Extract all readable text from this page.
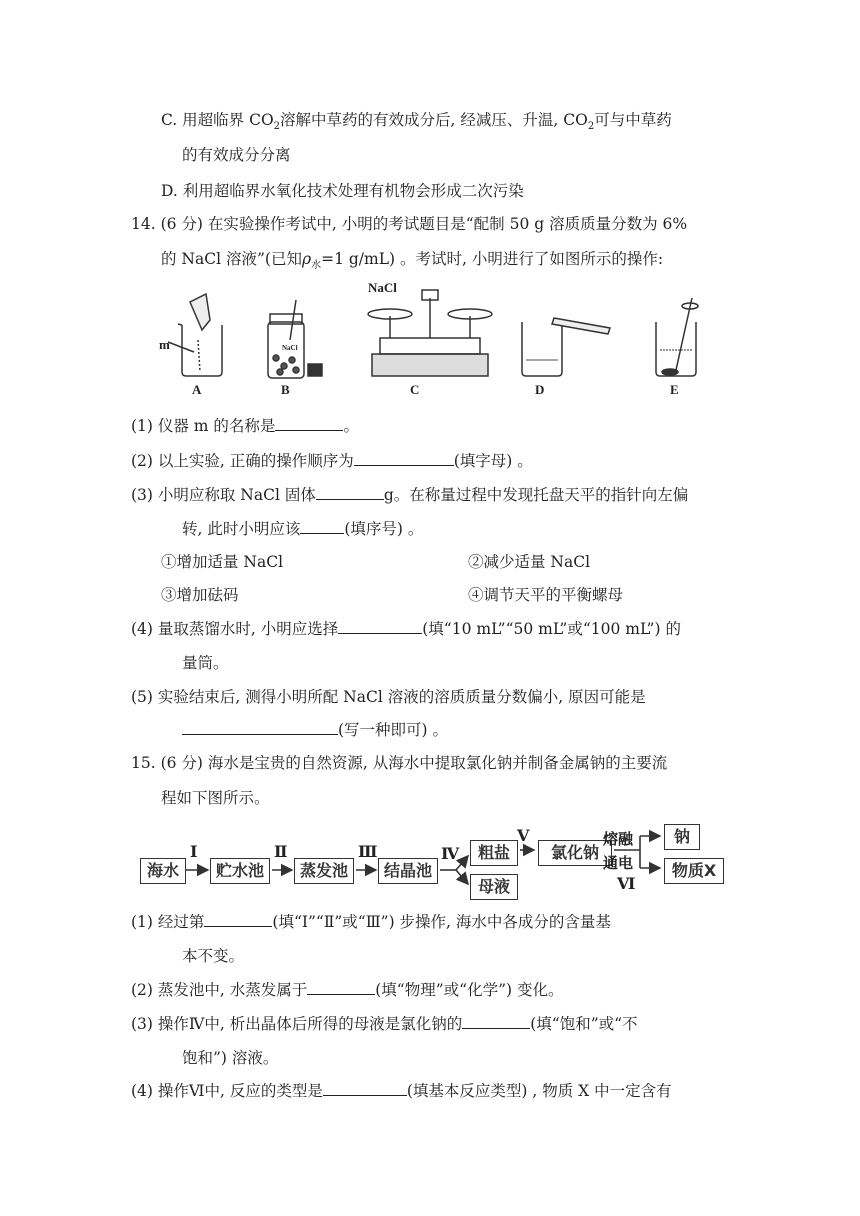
C. 用超临界 $CO_2$溶解中草药的有效成分后, 经减压、升温, $CO_2$可与中草药
的有效成分分离
D. 利用超临界水氧化技术处理有机物会形成二次污染
14. (6 分) 在实验操作考试中, 小明的考试题目是“配制 50 g 溶质质量分数为 6%
的 NaCl 溶液”(已知$\rho_水=1$ g/mL) 。考试时, 小明进行了如图所示的操作:
m
NaCl
NaCl
A	B	C	D	E
(1) 仪器 m 的名称是	。
(2) 以上实验, 正确的操作顺序为	(填字母) 。
(3) 小明应称取 NaCl 固体	g。在称量过程中发现托盘天平的指针向左偏
转, 此时小明应该	(填序号) 。
①增加适量 NaCl	②减少适量 NaCl
③增加砝码	④调节天平的平衡螺母
(4) 量取蒸馏水时, 小明应选择	(填“10 mL”“50 mL”或“100 mL”) 的
量筒。
(5) 实验结束后, 测得小明所配 NaCl 溶液的溶质质量分数偏小, 原因可能是
(写一种即可) 。
15. (6 分) 海水是宝贵的自然资源, 从海水中提取氯化钠并制备金属钠的主要流
程如下图所示。
海水	贮水池	蒸发池	结晶池
粗盐
母液
氯化钠
钠
物质X
Ⅰ	Ⅱ	Ⅲ	Ⅳ
Ⅴ
Ⅵ
熔融
通电
(1) 经过第	(填“Ⅰ”“Ⅱ”或“Ⅲ”) 步操作, 海水中各成分的含量基
本不变。
(2) 蒸发池中, 水蒸发属于	(填“物理”或“化学”) 变化。
(3) 操作Ⅳ中, 析出晶体后所得的母液是氯化钠的	(填“饱和”或“不
饱和”) 溶液。
(4) 操作Ⅵ中, 反应的类型是	(填基本反应类型) , 物质 X 中一定含有
